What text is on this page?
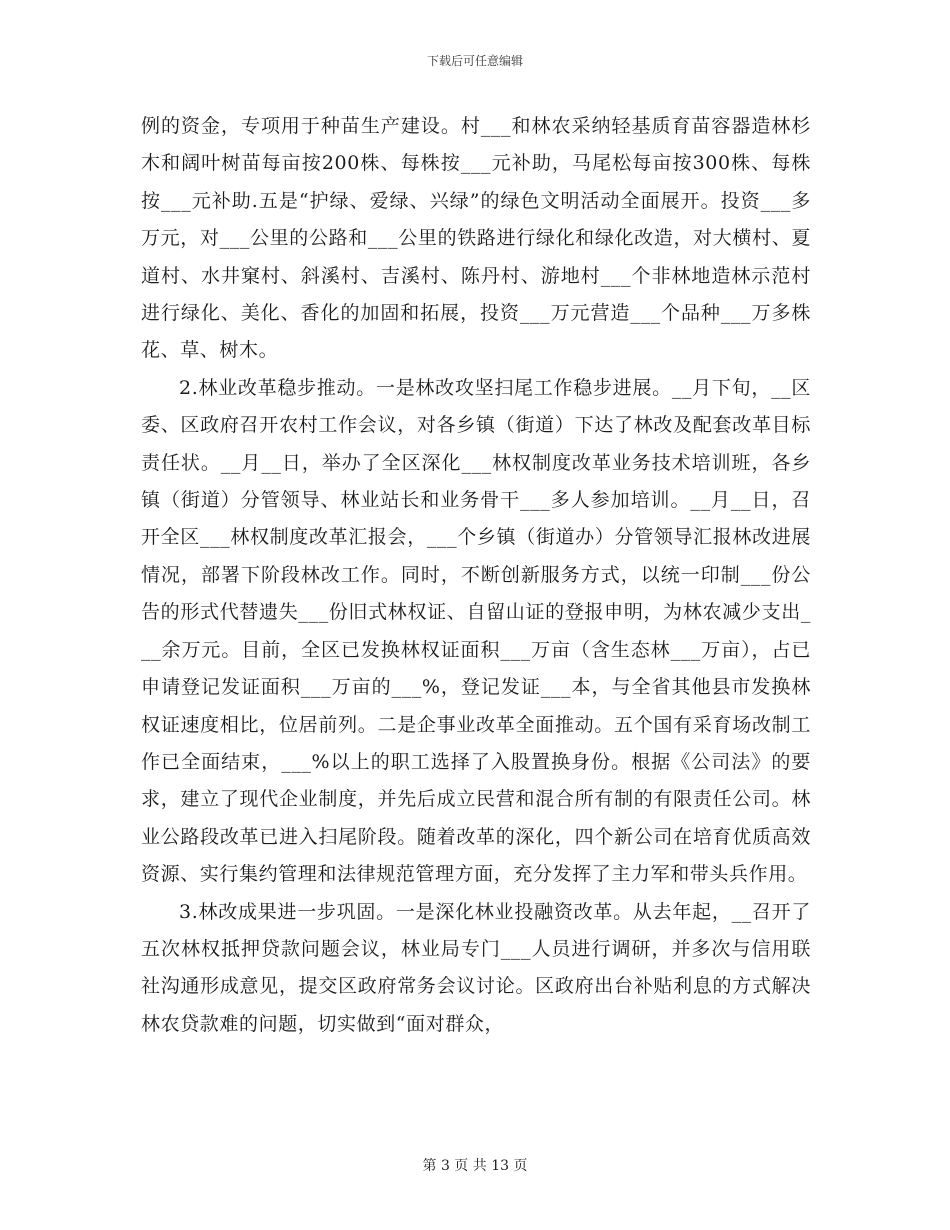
下载后可任意编辑

例的资金，专项用于种苗生产建设。村___和林农采纳轻基质育苗容器造林杉木和阔叶树苗每亩按200株、每株按___元补助，马尾松每亩按300株、每株按___元补助.五是“护绿、爱绿、兴绿”的绿色文明活动全面展开。投资___多万元，对___公里的公路和___公里的铁路进行绿化和绿化改造，对大横村、夏道村、水井窠村、斜溪村、吉溪村、陈丹村、游地村___个非林地造林示范村进行绿化、美化、香化的加固和拓展，投资___万元营造___个品种___万多株花、草、树木。

2.林业改革稳步推动。一是林改攻坚扫尾工作稳步进展。__月下旬，__区委、区政府召开农村工作会议，对各乡镇（街道）下达了林改及配套改革目标责任状。__月__日，举办了全区深化___林权制度改革业务技术培训班，各乡镇（街道）分管领导、林业站长和业务骨干___多人参加培训。__月__日，召开全区___林权制度改革汇报会，___个乡镇（街道办）分管领导汇报林改进展情况，部署下阶段林改工作。同时，不断创新服务方式，以统一印制___份公告的形式代替遗失___份旧式林权证、自留山证的登报申明，为林农减少支出___余万元。目前，全区已发换林权证面积___万亩（含生态林___万亩），占已申请登记发证面积___万亩的___%，登记发证___本，与全省其他县市发换林权证速度相比，位居前列。二是企事业改革全面推动。五个国有采育场改制工作已全面结束，___%以上的职工选择了入股置换身份。根据《公司法》的要求，建立了现代企业制度，并先后成立民营和混合所有制的有限责任公司。林业公路段改革已进入扫尾阶段。随着改革的深化，四个新公司在培育优质高效资源、实行集约管理和法律规范管理方面，充分发挥了主力军和带头兵作用。

3.林改成果进一步巩固。一是深化林业投融资改革。从去年起，__召开了五次林权抵押贷款问题会议，林业局专门___人员进行调研，并多次与信用联社沟通形成意见，提交区政府常务会议讨论。区政府出台补贴利息的方式解决林农贷款难的问题，切实做到“面对群众，

第 3 页 共 13 页
